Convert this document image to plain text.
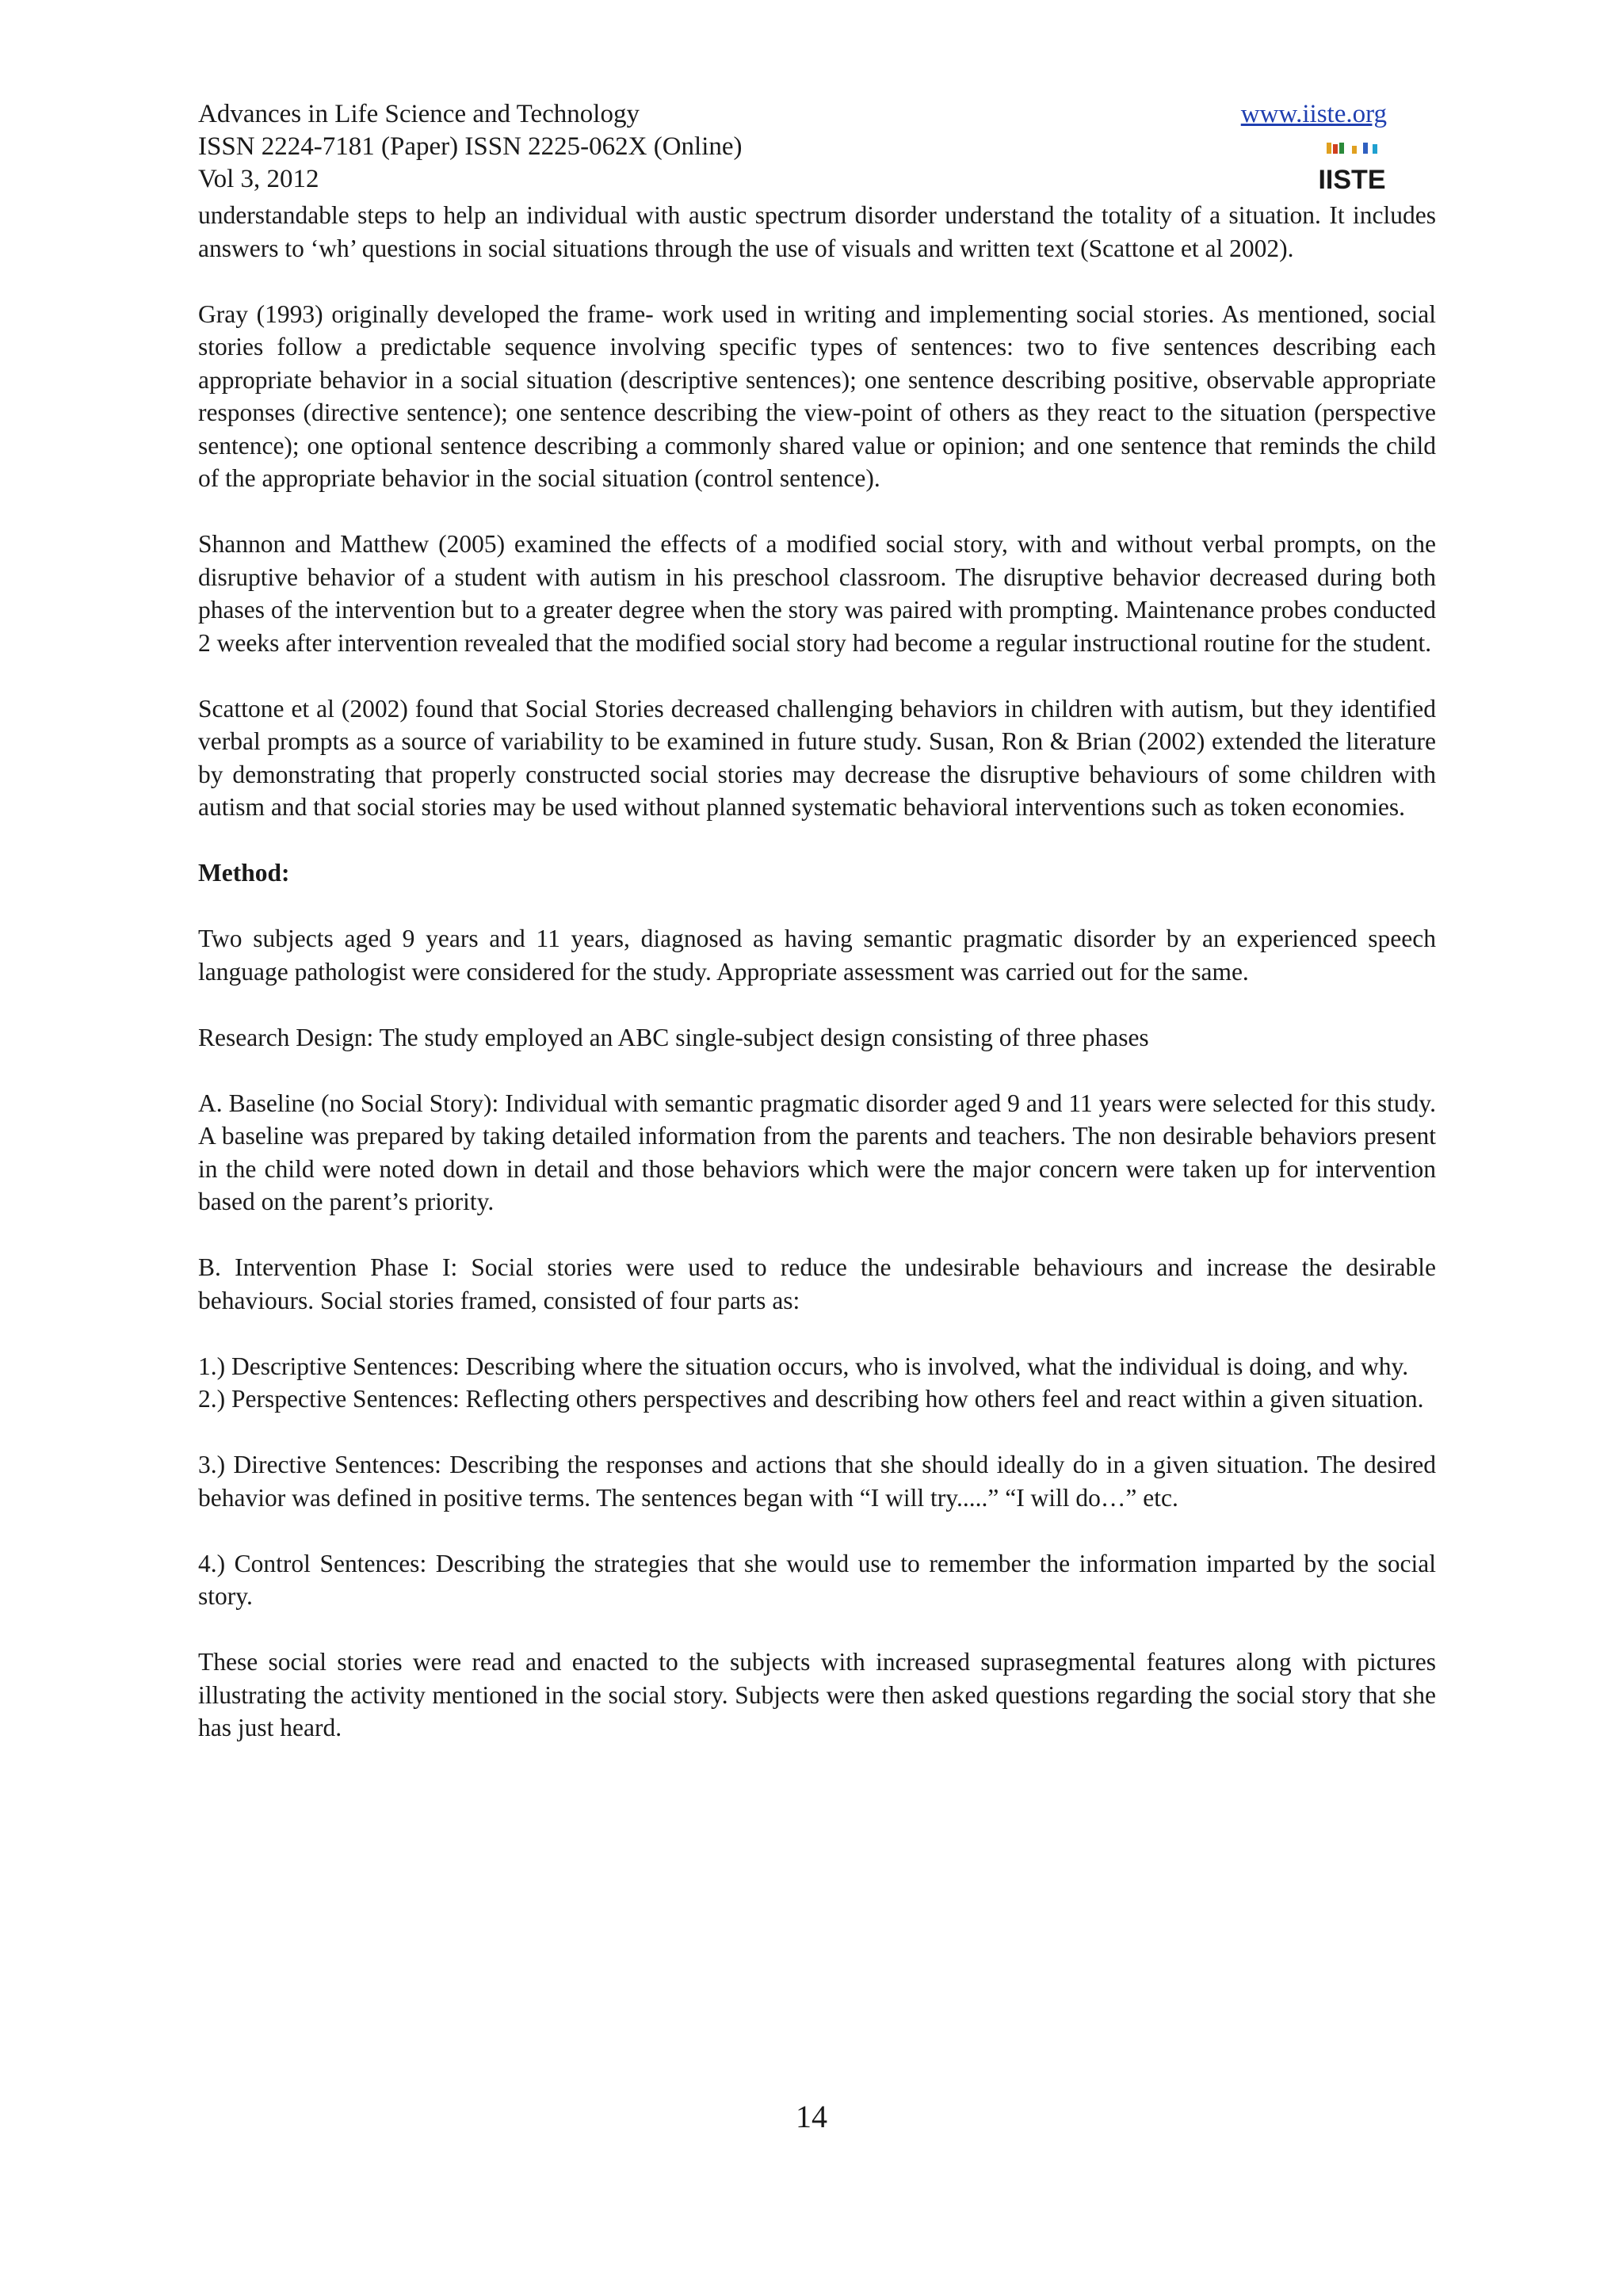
Advances in Life Science and Technology
ISSN 2224-7181 (Paper) ISSN 2225-062X (Online)
Vol 3, 2012
www.iiste.org
IISTE

understandable steps to help an individual with austic spectrum disorder understand the totality of a situation. It includes answers to ‘wh’ questions in social situations through the use of visuals and written text (Scattone et al 2002).

Gray (1993) originally developed the frame- work used in writing and implementing social stories. As mentioned, social stories follow a predictable sequence involving specific types of sentences: two to five sentences describing each appropriate behavior in a social situation (descriptive sentences); one sentence describing positive, observable appropriate responses (directive sentence); one sentence describing the view-point of others as they react to the situation (perspective sentence); one optional sentence describing a commonly shared value or opinion; and one sentence that reminds the child of the appropriate behavior in the social situation (control sentence).

Shannon and Matthew (2005) examined the effects of a modified social story, with and without verbal prompts, on the disruptive behavior of a student with autism in his preschool classroom. The disruptive behavior decreased during both phases of the intervention but to a greater degree when the story was paired with prompting. Maintenance probes conducted 2 weeks after intervention revealed that the modified social story had become a regular instructional routine for the student.

Scattone et al (2002) found that Social Stories decreased challenging behaviors in children with autism, but they identified verbal prompts as a source of variability to be examined in future study. Susan, Ron & Brian (2002) extended the literature by demonstrating that properly constructed social stories may decrease the disruptive behaviours of some children with autism and that social stories may be used without planned systematic behavioral interventions such as token economies.

Method:

Two subjects aged 9 years and 11 years, diagnosed as having semantic pragmatic disorder by an experienced speech language pathologist were considered for the study. Appropriate assessment was carried out for the same.

Research Design: The study employed an ABC single-subject design consisting of three phases

A. Baseline (no Social Story): Individual with semantic pragmatic disorder aged 9 and 11 years were selected for this study. A baseline was prepared by taking detailed information from the parents and teachers. The non desirable behaviors present in the child were noted down in detail and those behaviors which were the major concern were taken up for intervention based on the parent’s priority.

B. Intervention Phase I: Social stories were used to reduce the undesirable behaviours and increase the desirable behaviours. Social stories framed, consisted of four parts as:

1.) Descriptive Sentences: Describing where the situation occurs, who is involved, what the individual is doing, and why.

2.) Perspective Sentences: Reflecting others perspectives and describing how others feel and react within a given situation.

3.) Directive Sentences: Describing the responses and actions that she should ideally do in a given situation. The desired behavior was defined in positive terms. The sentences began with “I will try.....” “I will do…” etc.

4.) Control Sentences: Describing the strategies that she would use to remember the information imparted by the social story.

These social stories were read and enacted to the subjects with increased suprasegmental features along with pictures illustrating the activity mentioned in the social story. Subjects were then asked questions regarding the social story that she has just heard.

14
